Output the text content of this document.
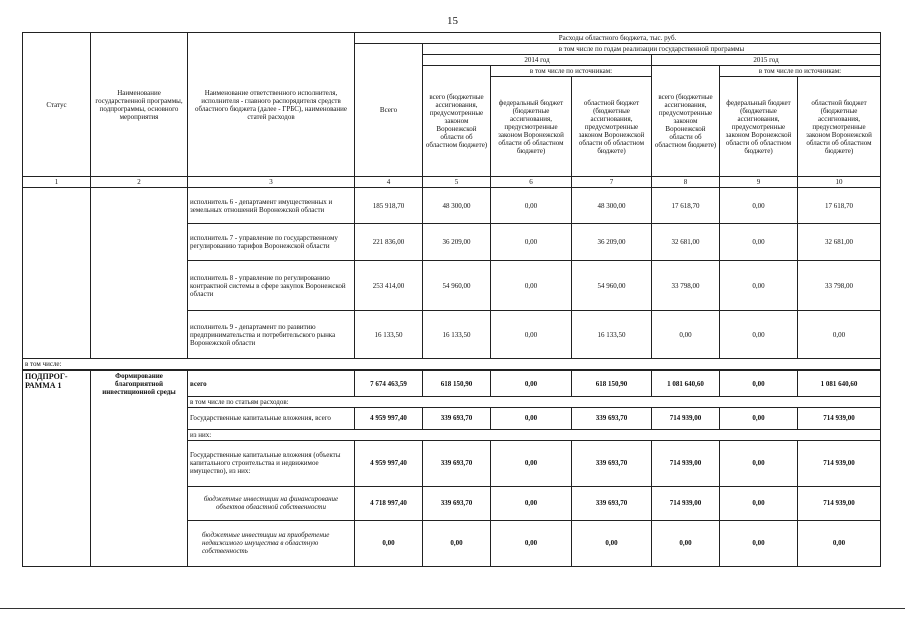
15
Статус	Наименование государственной программы, подпрограммы, основного мероприятия	Наименование ответственного исполнителя, исполнителя - главного распорядителя средств областного бюджета (далее - ГРБС), наименование статей расходов	Расходы областного бюджета, тыс. руб.						
			Всего	в том числе по годам реализации государственной программы					
				2014 год			2015 год		
				всего (бюджетные ассигнования, предусмотренные законом Воронежской области об областном бюджете)	в том числе по источникам:		всего (бюджетные ассигнования, предусмотренные законом Воронежской области об областном бюджете)	в том числе по источникам:	
					федеральный бюджет (бюджетные ассигнования, предусмотренные законом Воронежской области об областном бюджете)	областной бюджет (бюджетные ассигнования, предусмотренные законом Воронежской области об областном бюджете)		федеральный бюджет (бюджетные ассигнования, предусмотренные законом Воронежской области об областном бюджете)	областной бюджет (бюджетные ассигнования, предусмотренные законом Воронежской области об областном бюджете)
1	2	3	4	5	6	7	8	9	10
		исполнитель 6 - департамент имущественных и земельных отношений Воронежской области	185 918,70	48 300,00	0,00	48 300,00	17 618,70	0,00	17 618,70
		исполнитель 7 - управление по государственному регулированию тарифов Воронежской области	221 836,00	36 209,00	0,00	36 209,00	32 681,00	0,00	32 681,00
		исполнитель 8 - управление по регулированию контрактной системы в сфере закупок Воронежской области	253 414,00	54 960,00	0,00	54 960,00	33 798,00	0,00	33 798,00
		исполнитель 9 - департамент по развитию предпринимательства и потребительского рынка Воронежской области	16 133,50	16 133,50	0,00	16 133,50	0,00	0,00	0,00
в том числе:									
ПОДПРОГ-РАММА 1	Формирование благоприятной инвестиционной среды	всего	7 674 463,59	618 150,90	0,00	618 150,90	1 081 640,60	0,00	1 081 640,60
		в том числе по статьям расходов:							
		Государственные капитальные вложения, всего	4 959 997,40	339 693,70	0,00	339 693,70	714 939,00	0,00	714 939,00
		из них:							
		Государственные капитальные вложения (объекты капитального строительства и недвижимое имущество), из них:	4 959 997,40	339 693,70	0,00	339 693,70	714 939,00	0,00	714 939,00
		бюджетные инвестиции на финансирование объектов областной собственности	4 718 997,40	339 693,70	0,00	339 693,70	714 939,00	0,00	714 939,00
		бюджетные инвестиции на приобретение недвижимого имущества в областную собственность	0,00	0,00	0,00	0,00	0,00	0,00	0,00
